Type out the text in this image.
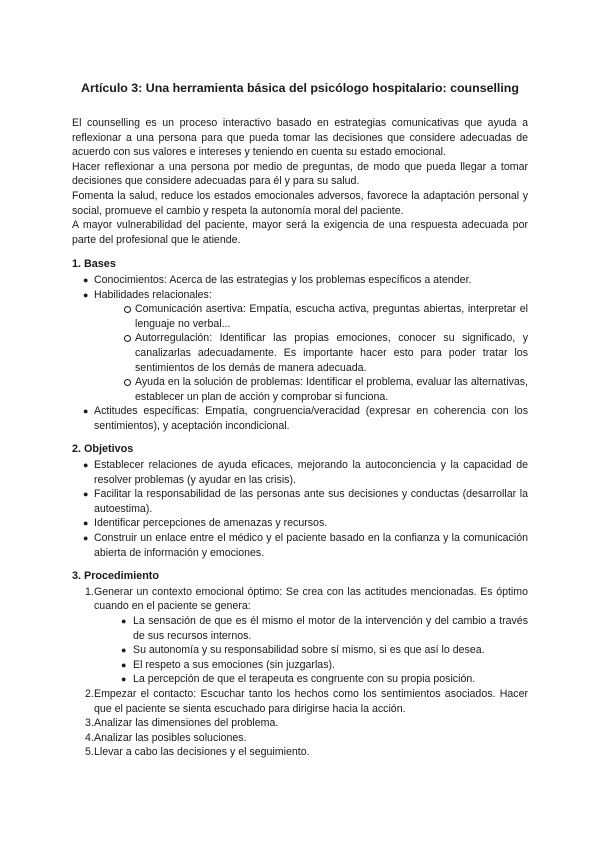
Artículo 3: Una herramienta básica del psicólogo hospitalario: counselling

El counselling es un proceso interactivo basado en estrategias comunicativas que ayuda a reflexionar a una persona para que pueda tomar las decisiones que considere adecuadas de acuerdo con sus valores e intereses y teniendo en cuenta su estado emocional.

Hacer reflexionar a una persona por medio de preguntas, de modo que pueda llegar a tomar decisiones que considere adecuadas para él y para su salud.

Fomenta la salud, reduce los estados emocionales adversos, favorece la adaptación personal y social, promueve el cambio y respeta la autonomía moral del paciente.

A mayor vulnerabilidad del paciente, mayor será la exigencia de una respuesta adecuada por parte del profesional que le atiende.

1. Bases
● Conocimientos: Acerca de las estrategias y los problemas específicos a atender.
● Habilidades relacionales:
Comunicación asertiva: Empatía, escucha activa, preguntas abiertas, interpretar el lenguaje no verbal...
Autorregulación: Identificar las propias emociones, conocer su significado, y canalizarlas adecuadamente. Es importante hacer esto para poder tratar los sentimientos de los demás de manera adecuada.
Ayuda en la solución de problemas: Identificar el problema, evaluar las alternativas, establecer un plan de acción y comprobar si funciona.
● Actitudes específicas: Empatía, congruencia/veracidad (expresar en coherencia con los sentimientos), y aceptación incondicional.
2. Objetivos
● Establecer relaciones de ayuda eficaces, mejorando la autoconciencia y la capacidad de resolver problemas (y ayudar en las crisis).
● Facilitar la responsabilidad de las personas ante sus decisiones y conductas (desarrollar la autoestima).
● Identificar percepciones de amenazas y recursos.
● Construir un enlace entre el médico y el paciente basado en la confianza y la comunicación abierta de información y emociones.
3. Procedimiento
1. Generar un contexto emocional óptimo: Se crea con las actitudes mencionadas. Es óptimo cuando en el paciente se genera:
● La sensación de que es él mismo el motor de la intervención y del cambio a través de sus recursos internos.
● Su autonomía y su responsabilidad sobre sí mismo, si es que así lo desea.
● El respeto a sus emociones (sin juzgarlas).
● La percepción de que el terapeuta es congruente con su propia posición.
2. Empezar el contacto: Escuchar tanto los hechos como los sentimientos asociados. Hacer que el paciente se sienta escuchado para dirigirse hacia la acción.
3. Analizar las dimensiones del problema.
4. Analizar las posibles soluciones.
5. Llevar a cabo las decisiones y el seguimiento.
